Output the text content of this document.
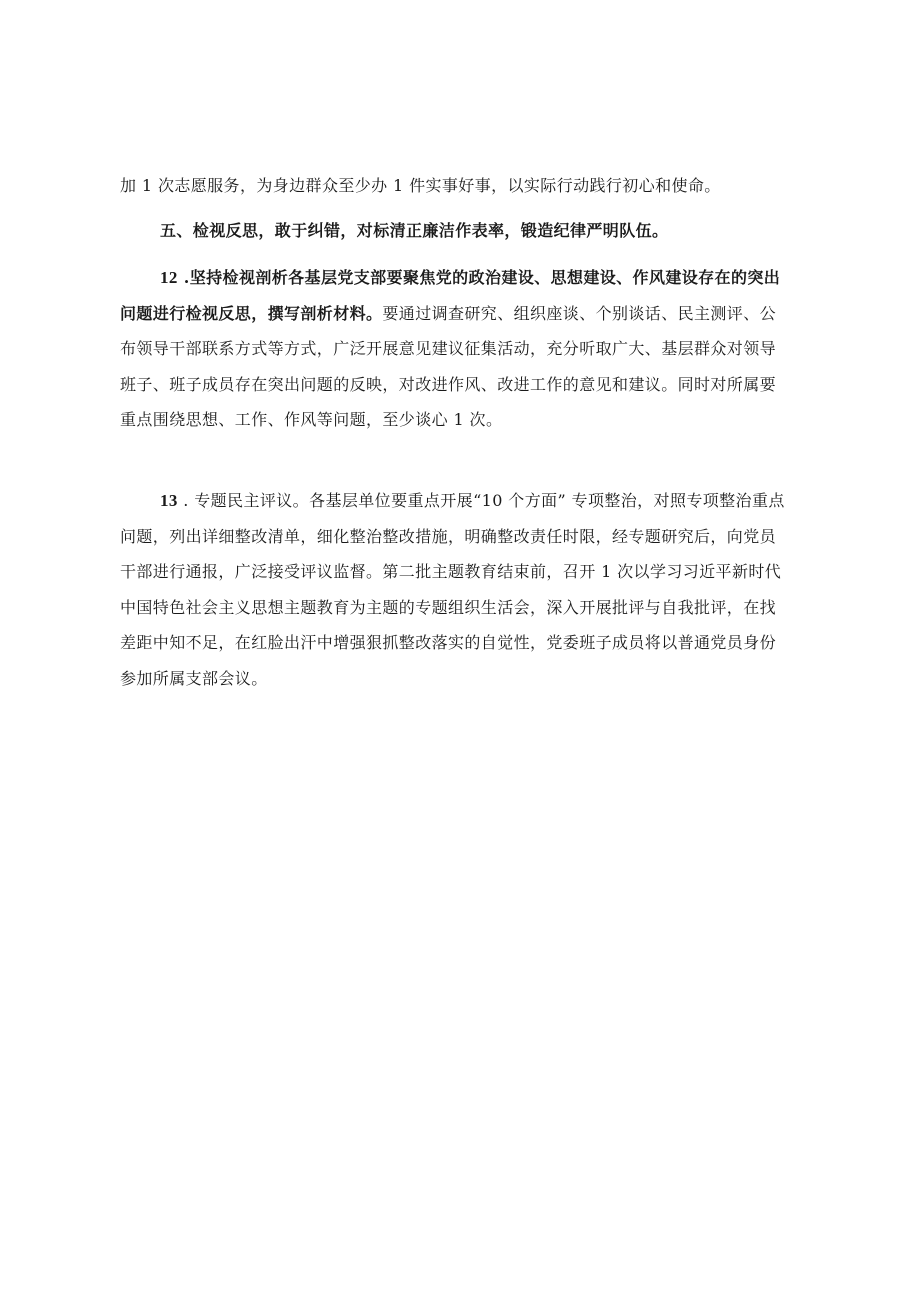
加 1 次志愿服务，为身边群众至少办 1 件实事好事，以实际行动践行初心和使命。
五、检视反思，敢于纠错，对标清正廉洁作表率，锻造纪律严明队伍。
12 .坚持检视剖析各基层党支部要聚焦党的政治建设、思想建设、作风建设存在的突出
问题进行检视反思，撰写剖析材料。要通过调查研究、组织座谈、个别谈话、民主测评、公
布领导干部联系方式等方式，广泛开展意见建议征集活动，充分听取广大、基层群众对领导
班子、班子成员存在突出问题的反映，对改进作风、改进工作的意见和建议。同时对所属要
重点围绕思想、工作、作风等问题，至少谈心 1 次。
13 . 专题民主评议。各基层单位要重点开展“10 个方面” 专项整治，对照专项整治重点
问题，列出详细整改清单，细化整治整改措施，明确整改责任时限，经专题研究后，向党员
干部进行通报，广泛接受评议监督。第二批主题教育结束前，召开 1 次以学习习近平新时代
中国特色社会主义思想主题教育为主题的专题组织生活会，深入开展批评与自我批评，在找
差距中知不足，在红脸出汗中增强狠抓整改落实的自觉性，党委班子成员将以普通党员身份
参加所属支部会议。
